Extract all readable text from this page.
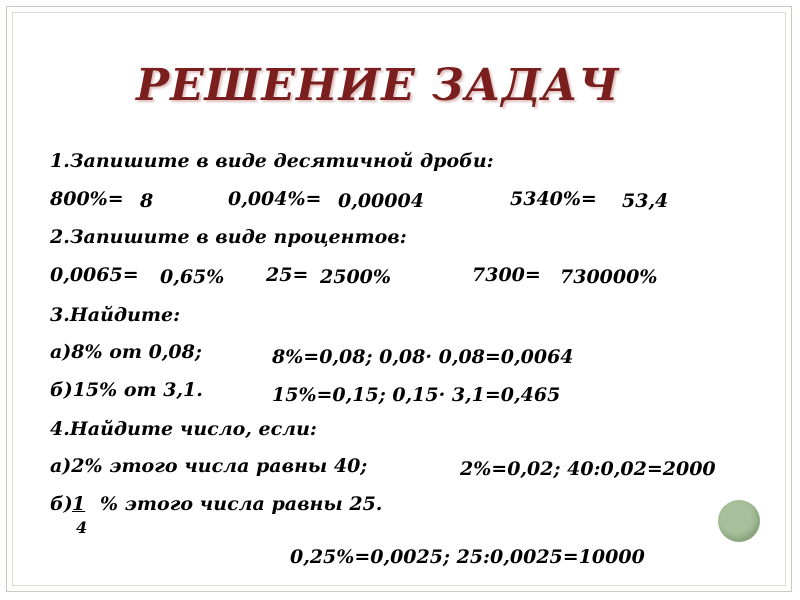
РЕШЕНИЕ ЗАДАЧ
1.Запишите в виде десятичной дроби:
800%= 8	0,004%= 0,00004	5340%= 53,4
2.Запишите в виде процентов:
0,0065= 0,65% 25= 2500%	7300= 730000%
3.Найдите:
а)8% от 0,08;	8%=0,08; 0,08· 0,08=0,0064
б)15% от 3,1.	15%=0,15; 0,15· 3,1=0,465
4.Найдите число, если:
а)2% этого числа равны 40;	2%=0,02; 40:0,02=2000
б) 1
4
% этого числа равны 25.
0,25%=0,0025; 25:0,0025=10000
